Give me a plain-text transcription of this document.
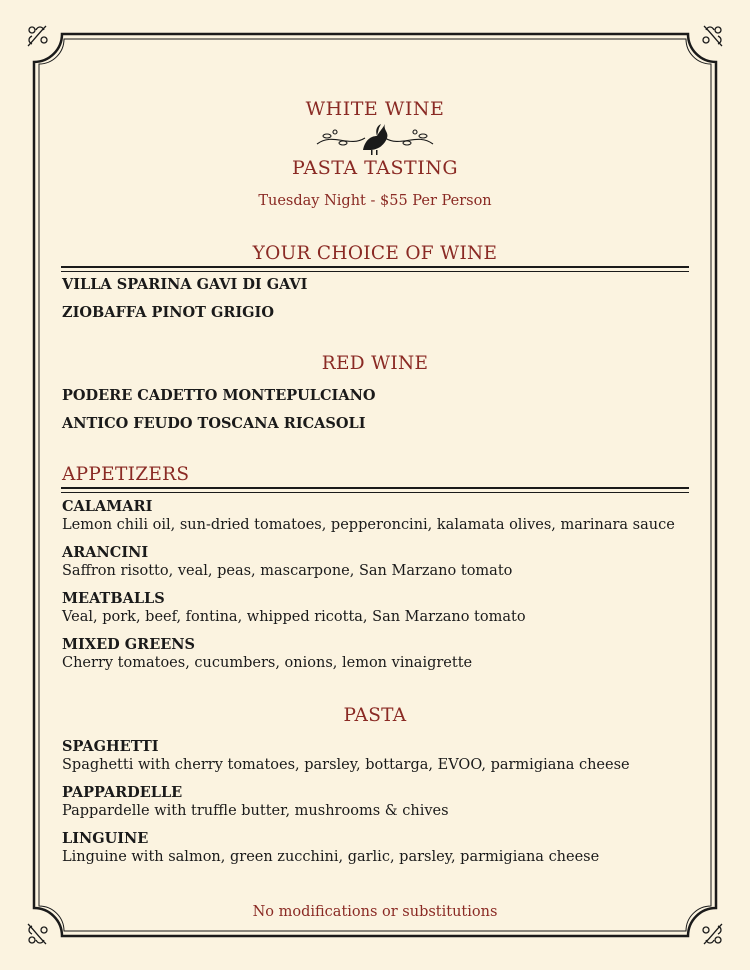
WHITE WINE
PASTA TASTING
Tuesday Night - $55 Per Person
YOUR CHOICE OF WINE
VILLA SPARINA GAVI DI GAVI
ZIOBAFFA PINOT GRIGIO
RED WINE
PODERE CADETTO MONTEPULCIANO
ANTICO FEUDO TOSCANA RICASOLI
APPETIZERS
CALAMARI
Lemon chili oil, sun-dried tomatoes, pepperoncini, kalamata olives, marinara sauce
ARANCINI
Saffron risotto, veal, peas, mascarpone, San Marzano tomato
MEATBALLS
Veal, pork, beef, fontina, whipped ricotta, San Marzano tomato
MIXED GREENS
Cherry tomatoes, cucumbers, onions, lemon vinaigrette
PASTA
SPAGHETTI
Spaghetti with cherry tomatoes, parsley, bottarga, EVOO, parmigiana cheese
PAPPARDELLE
Pappardelle with truffle butter, mushrooms & chives
LINGUINE
Linguine with salmon, green zucchini, garlic, parsley, parmigiana cheese
No modifications or substitutions
